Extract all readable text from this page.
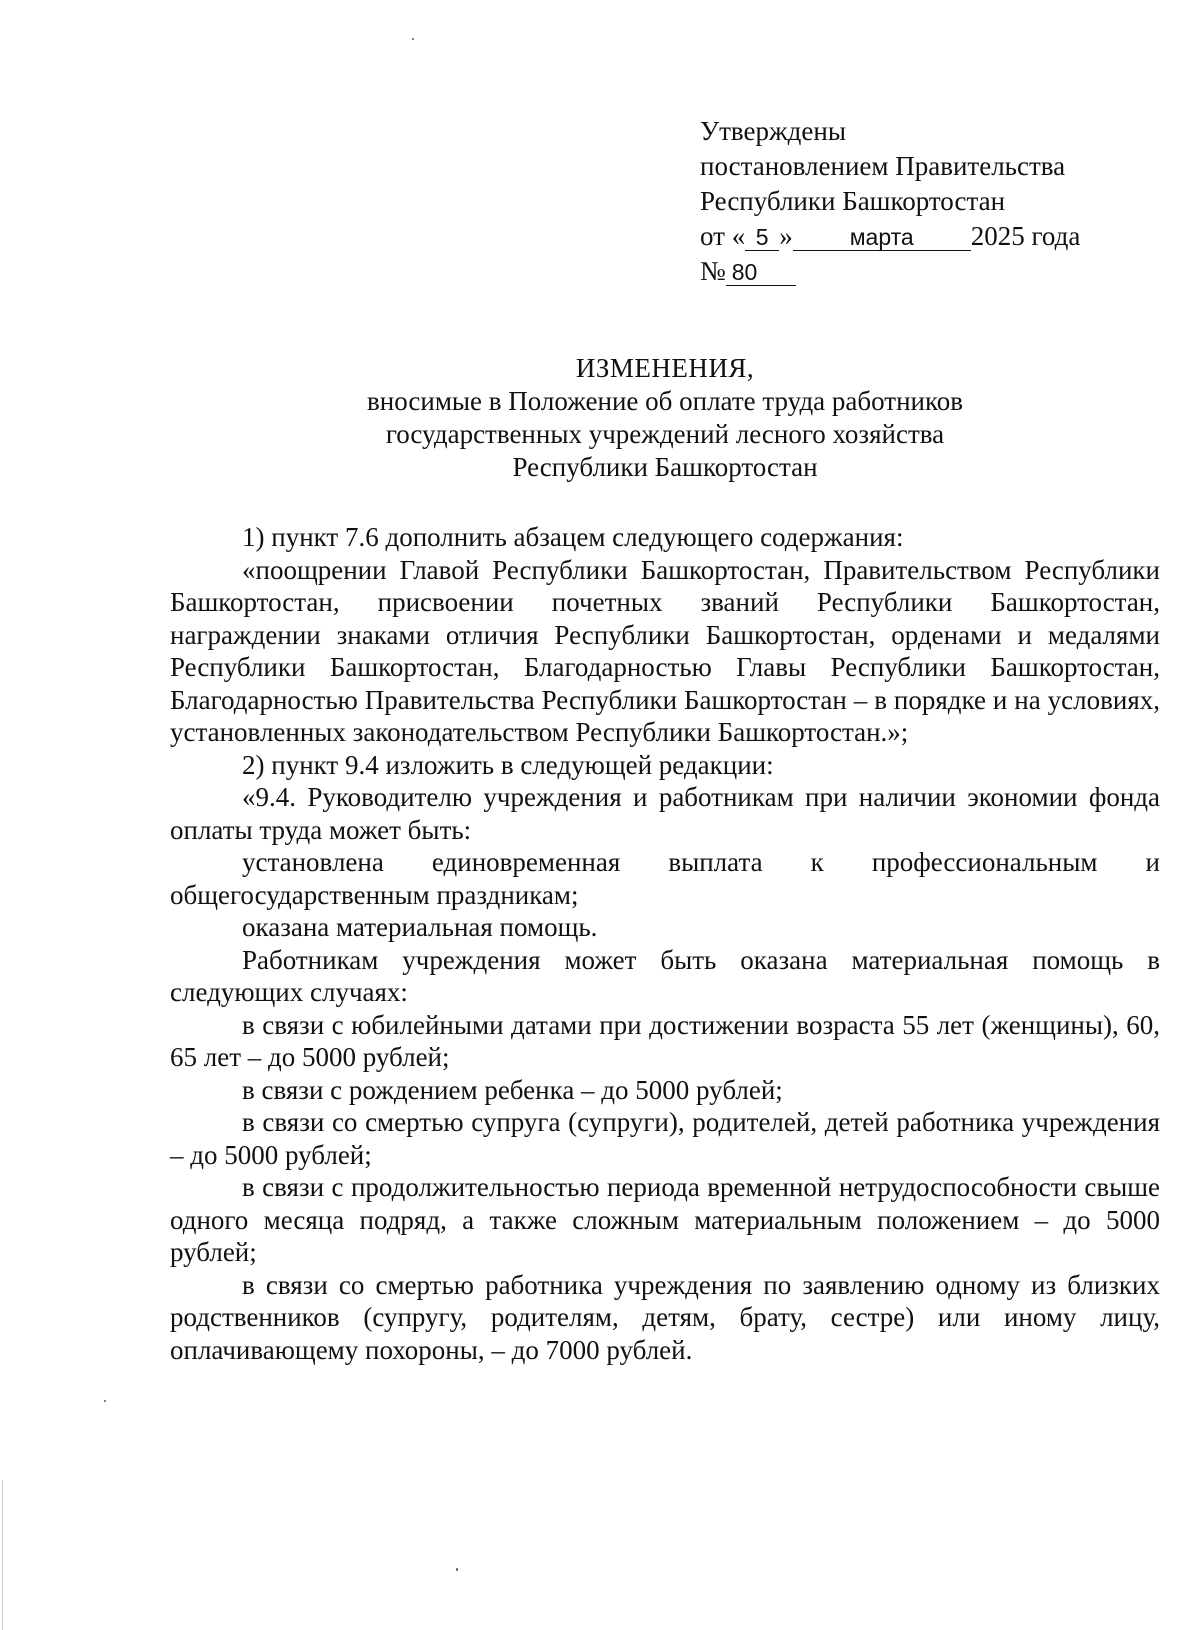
Утверждены
постановлением Правительства
Республики Башкортостан
от « 5 » марта 2025 года
№ 80
ИЗМЕНЕНИЯ,
вносимые в Положение об оплате труда работников
государственных учреждений лесного хозяйства
Республики Башкортостан

1) пункт 7.6 дополнить абзацем следующего содержания:

«поощрении Главой Республики Башкортостан, Правительством Республики Башкортостан, присвоении почетных званий Республики Башкортостан, награждении знаками отличия Республики Башкортостан, орденами и медалями Республики Башкортостан, Благодарностью Главы Республики Башкортостан, Благодарностью Правительства Республики Башкортостан – в порядке и на условиях, установленных законодательством Республики Башкортостан.»;

2) пункт 9.4 изложить в следующей редакции:

«9.4. Руководителю учреждения и работникам при наличии экономии фонда оплаты труда может быть:

установлена единовременная выплата к профессиональным и общегосударственным праздникам;

оказана материальная помощь.

Работникам учреждения может быть оказана материальная помощь в следующих случаях:

в связи с юбилейными датами при достижении возраста 55 лет (женщины), 60, 65 лет – до 5000 рублей;

в связи с рождением ребенка – до 5000 рублей;

в связи со смертью супруга (супруги), родителей, детей работника учреждения – до 5000 рублей;

в связи с продолжительностью периода временной нетрудоспособности свыше одного месяца подряд, а также сложным материальным положением – до 5000 рублей;

в связи со смертью работника учреждения по заявлению одному из близких родственников (супругу, родителям, детям, брату, сестре) или иному лицу, оплачивающему похороны, – до 7000 рублей.
